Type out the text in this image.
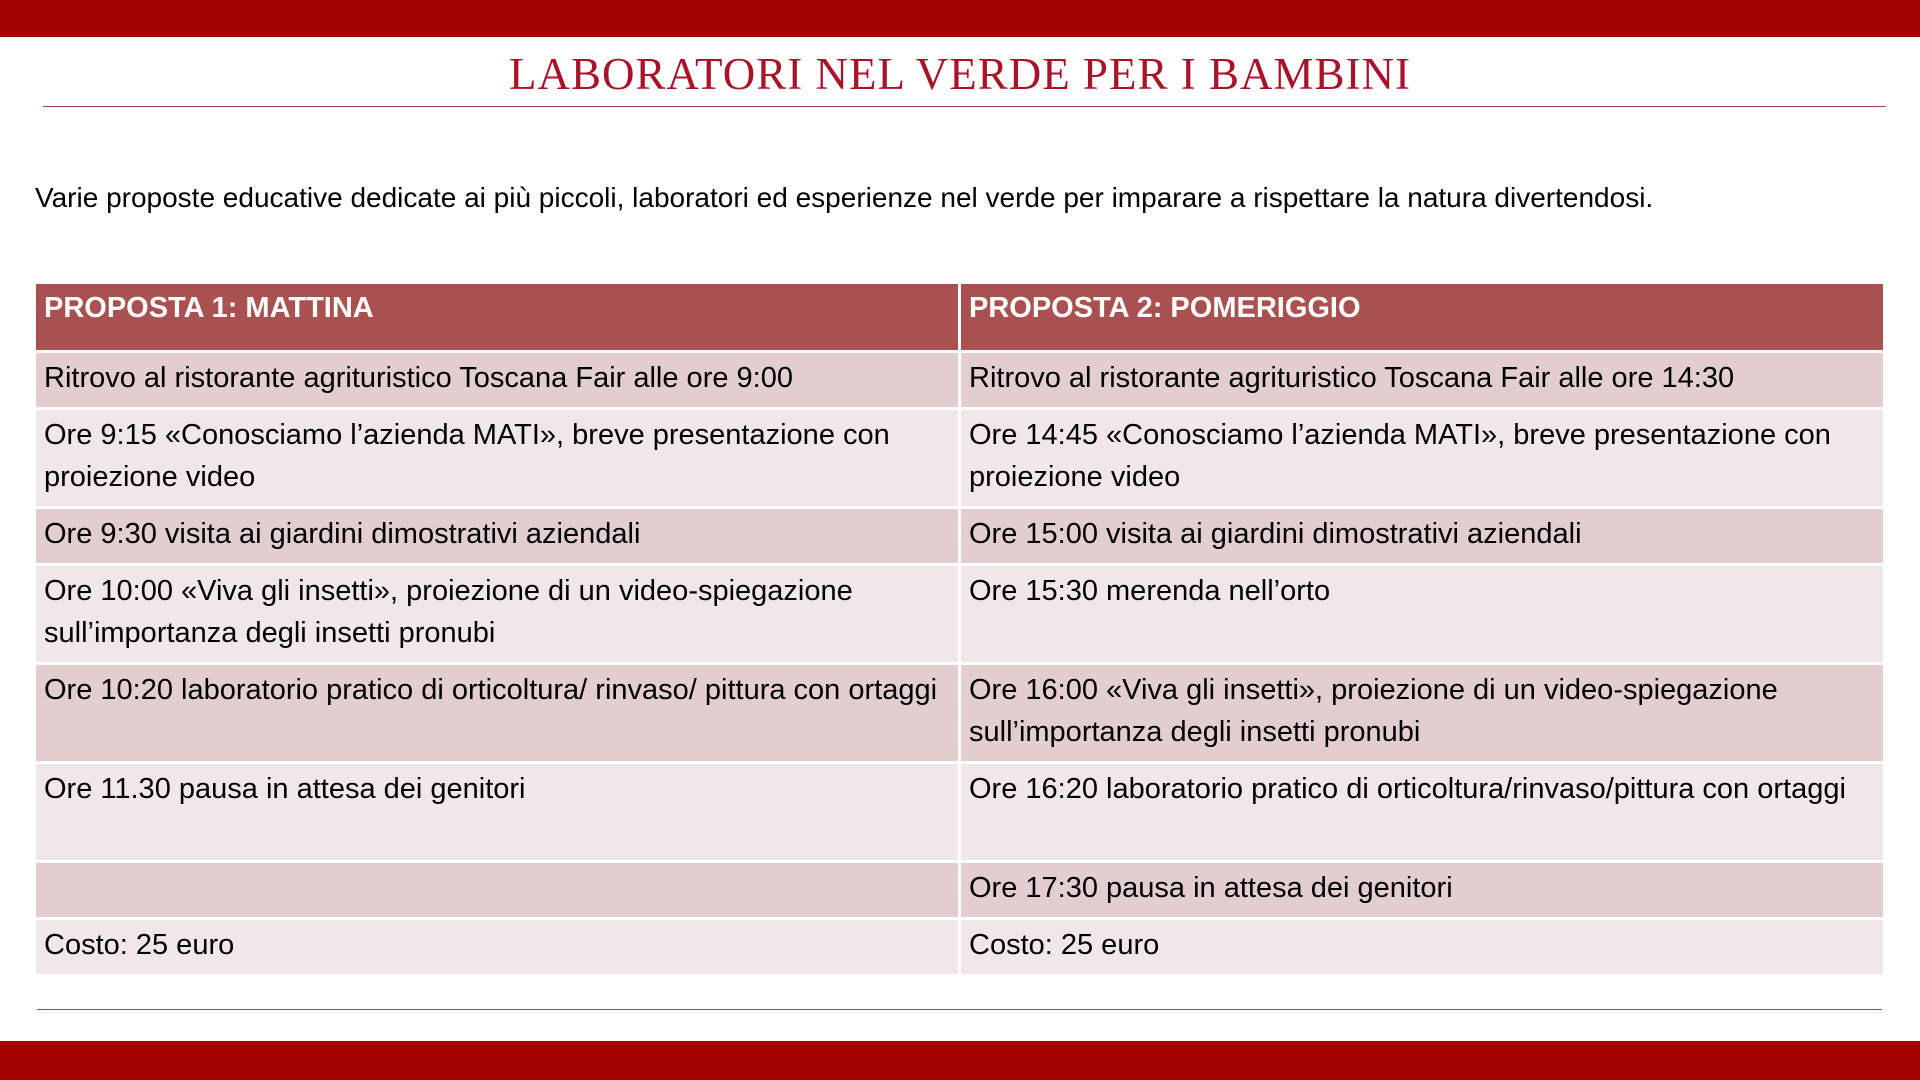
LABORATORI NEL VERDE PER I BAMBINI

Varie proposte educative dedicate ai più piccoli, laboratori ed esperienze nel verde per imparare a rispettare la natura divertendosi.

PROPOSTA 1: MATTINA	PROPOSTA 2: POMERIGGIO
Ritrovo al ristorante agrituristico Toscana Fair alle ore 9:00	Ritrovo al ristorante agrituristico Toscana Fair alle ore 14:30
Ore 9:15 «Conosciamo l’azienda MATI», breve presentazione con proiezione video	Ore 14:45 «Conosciamo l’azienda MATI», breve presentazione con proiezione video
Ore 9:30 visita ai giardini dimostrativi aziendali	Ore 15:00 visita ai giardini dimostrativi aziendali
Ore 10:00 «Viva gli insetti», proiezione di un video-spiegazione sull’importanza degli insetti pronubi	Ore 15:30 merenda nell’orto
Ore 10:20 laboratorio pratico di orticoltura/ rinvaso/ pittura con ortaggi	Ore 16:00 «Viva gli insetti», proiezione di un video-spiegazione sull’importanza degli insetti pronubi
Ore 11.30 pausa in attesa dei genitori	Ore 16:20 laboratorio pratico di orticoltura/rinvaso/pittura con ortaggi
	Ore 17:30 pausa in attesa dei genitori
Costo: 25 euro	Costo: 25 euro
